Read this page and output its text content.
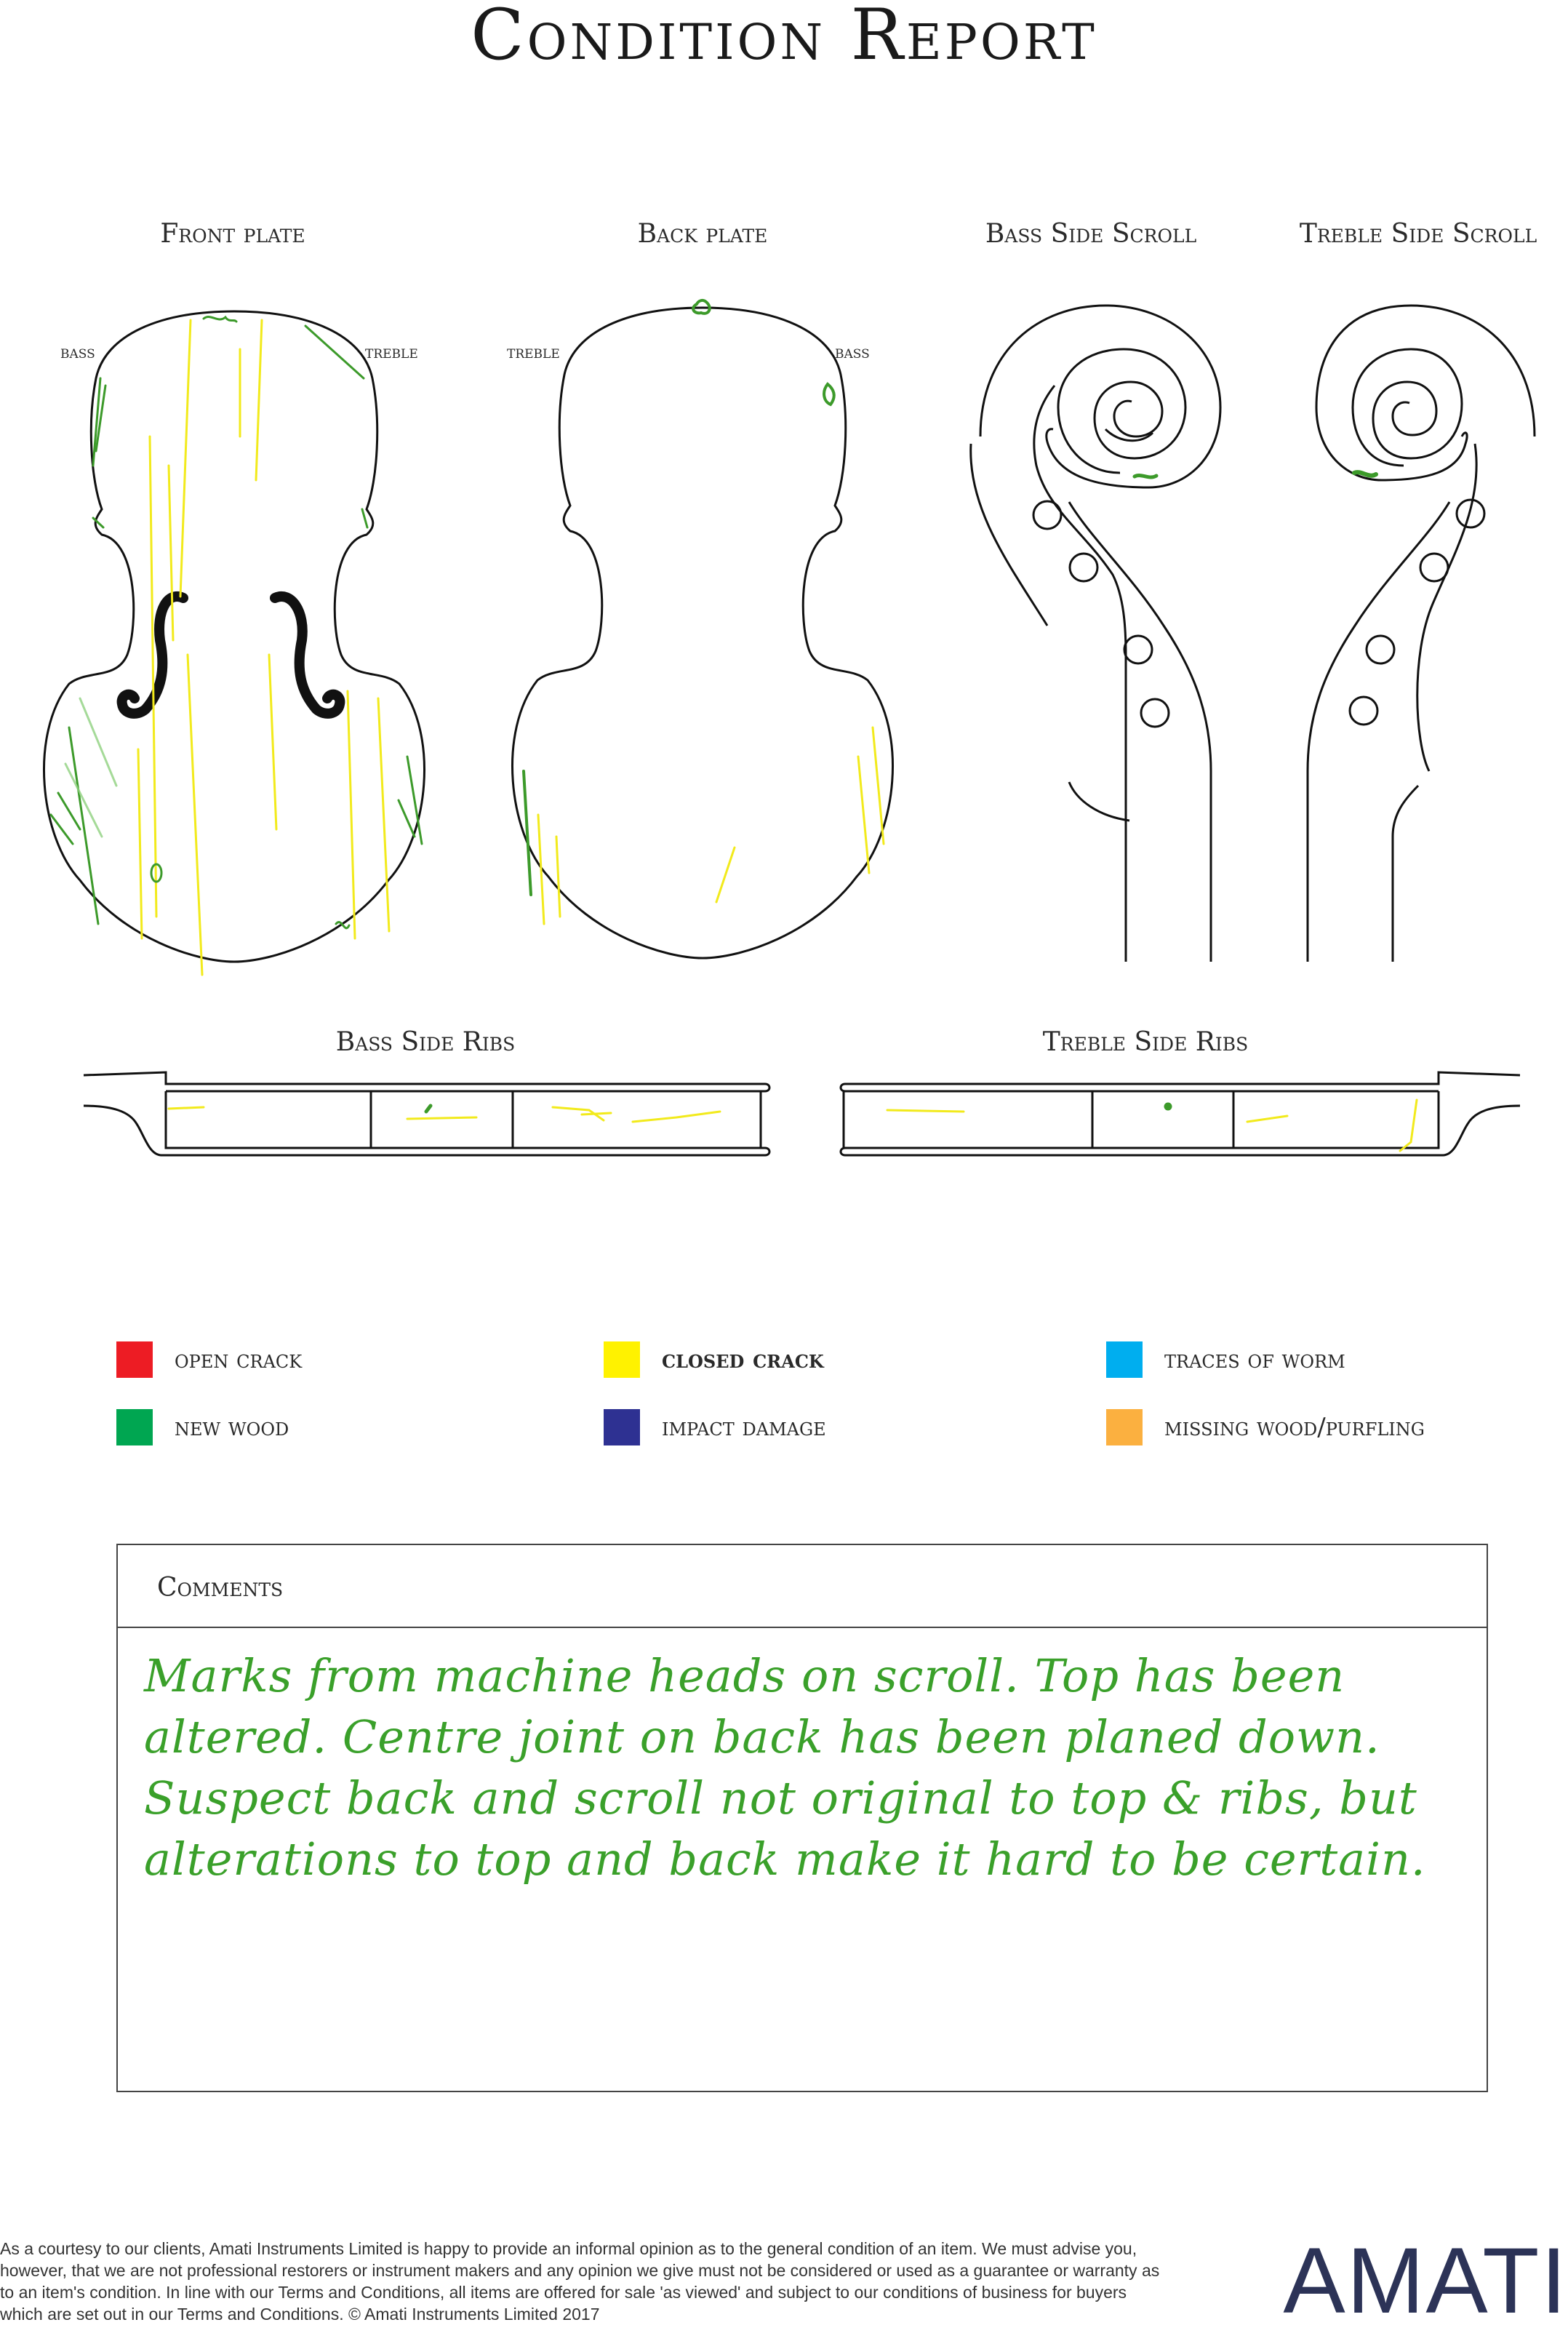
Condition Report
Front plate	Back plate	Bass Side Scroll	Treble Side Scroll
Bass Side Ribs	Treble Side Ribs
bass	treble	treble	bass
open crack	closed crack	traces of worm
new wood	impact damage	missing wood/purfling
Comments
Marks from machine heads on scroll. Top has been altered. Centre joint on back has been planed down. Suspect back and scroll not original to top & ribs, but alterations to top and back make it hard to be certain.
As a courtesy to our clients, Amati Instruments Limited is happy to provide an informal opinion as to the general condition of an item. We must advise you, however, that we are not professional restorers or instrument makers and any opinion we give must not be considered or used as a guarantee or warranty as to an item's condition. In line with our Terms and Conditions, all items are offered for sale 'as viewed' and subject to our conditions of business for buyers which are set out in our Terms and Conditions. © Amati Instruments Limited 2017	AMATI
